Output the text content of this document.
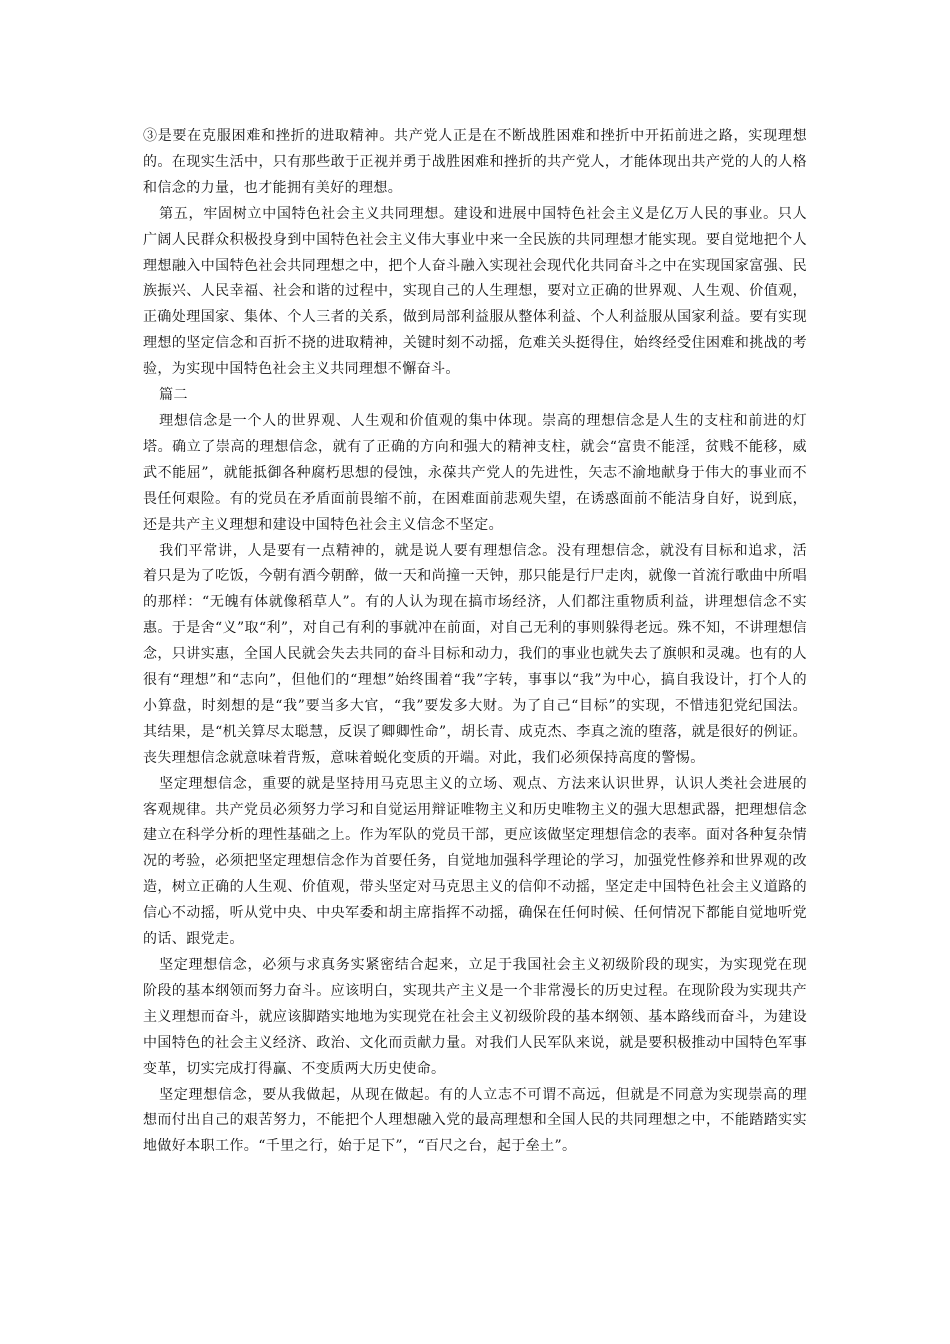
③是要在克服困难和挫折的进取精神。共产党人正是在不断战胜困难和挫折中开拓前进之路，实现理想的。在现实生活中，只有那些敢于正视并勇于战胜困难和挫折的共产党人，才能体现出共产党的人的人格和信念的力量，也才能拥有美好的理想。

第五，牢固树立中国特色社会主义共同理想。建设和进展中国特色社会主义是亿万人民的事业。只人广阔人民群众积极投身到中国特色社会主义伟大事业中来一全民族的共同理想才能实现。要自觉地把个人理想融入中国特色社会共同理想之中，把个人奋斗融入实现社会现代化共同奋斗之中在实现国家富强、民族振兴、人民幸福、社会和谐的过程中，实现自己的人生理想，要对立正确的世界观、人生观、价值观，正确处理国家、集体、个人三者的关系，做到局部利益服从整体利益、个人利益服从国家利益。要有实现理想的坚定信念和百折不挠的进取精神，关键时刻不动摇，危难关头挺得住，始终经受住困难和挑战的考验，为实现中国特色社会主义共同理想不懈奋斗。

篇二

理想信念是一个人的世界观、人生观和价值观的集中体现。崇高的理想信念是人生的支柱和前进的灯塔。确立了崇高的理想信念，就有了正确的方向和强大的精神支柱，就会“富贵不能淫，贫贱不能移，威武不能屈”，就能抵御各种腐朽思想的侵蚀，永葆共产党人的先进性，矢志不渝地献身于伟大的事业而不畏任何艰险。有的党员在矛盾面前畏缩不前，在困难面前悲观失望，在诱惑面前不能洁身自好，说到底，还是共产主义理想和建设中国特色社会主义信念不坚定。

我们平常讲，人是要有一点精神的，就是说人要有理想信念。没有理想信念，就没有目标和追求，活着只是为了吃饭，今朝有酒今朝醉，做一天和尚撞一天钟，那只能是行尸走肉，就像一首流行歌曲中所唱的那样：“无魄有体就像稻草人”。有的人认为现在搞市场经济，人们都注重物质利益，讲理想信念不实惠。于是舍“义”取“利”，对自己有利的事就冲在前面，对自己无利的事则躲得老远。殊不知，不讲理想信念，只讲实惠，全国人民就会失去共同的奋斗目标和动力，我们的事业也就失去了旗帜和灵魂。也有的人很有“理想”和“志向”，但他们的“理想”始终围着“我”字转，事事以“我”为中心，搞自我设计，打个人的小算盘，时刻想的是“我”要当多大官，“我”要发多大财。为了自己“目标”的实现，不惜违犯党纪国法。其结果，是“机关算尽太聪慧，反误了卿卿性命”，胡长青、成克杰、李真之流的堕落，就是很好的例证。丧失理想信念就意味着背叛，意味着蜕化变质的开端。对此，我们必须保持高度的警惕。

坚定理想信念，重要的就是坚持用马克思主义的立场、观点、方法来认识世界，认识人类社会进展的客观规律。共产党员必须努力学习和自觉运用辩证唯物主义和历史唯物主义的强大思想武器，把理想信念建立在科学分析的理性基础之上。作为军队的党员干部，更应该做坚定理想信念的表率。面对各种复杂情况的考验，必须把坚定理想信念作为首要任务，自觉地加强科学理论的学习，加强党性修养和世界观的改造，树立正确的人生观、价值观，带头坚定对马克思主义的信仰不动摇，坚定走中国特色社会主义道路的信心不动摇，听从党中央、中央军委和胡主席指挥不动摇，确保在任何时候、任何情况下都能自觉地听党的话、跟党走。

坚定理想信念，必须与求真务实紧密结合起来，立足于我国社会主义初级阶段的现实，为实现党在现阶段的基本纲领而努力奋斗。应该明白，实现共产主义是一个非常漫长的历史过程。在现阶段为实现共产主义理想而奋斗，就应该脚踏实地地为实现党在社会主义初级阶段的基本纲领、基本路线而奋斗，为建设中国特色的社会主义经济、政治、文化而贡献力量。对我们人民军队来说，就是要积极推动中国特色军事变革，切实完成打得赢、不变质两大历史使命。

坚定理想信念，要从我做起，从现在做起。有的人立志不可谓不高远，但就是不同意为实现崇高的理想而付出自己的艰苦努力，不能把个人理想融入党的最高理想和全国人民的共同理想之中，不能踏踏实实地做好本职工作。“千里之行，始于足下”，“百尺之台，起于垒土”。
